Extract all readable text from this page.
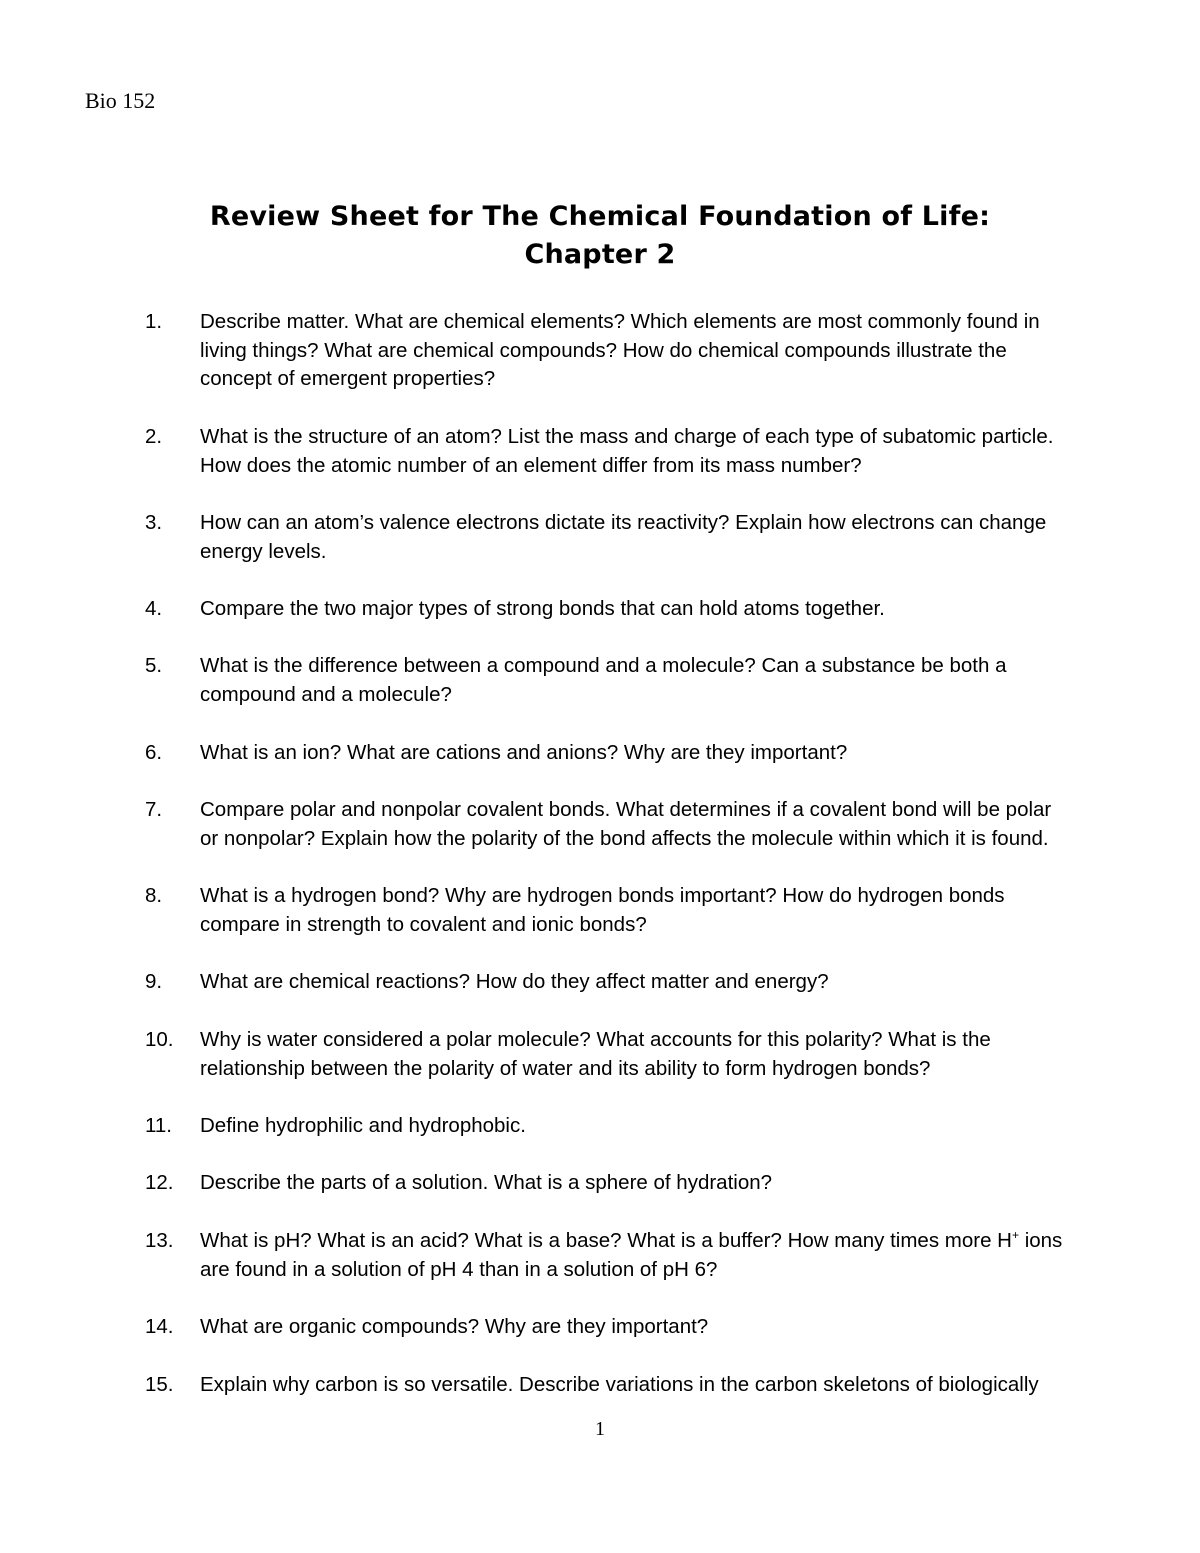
Bio 152
Review Sheet for The Chemical Foundation of Life:
Chapter 2
1. Describe matter. What are chemical elements? Which elements are most commonly found in
living things? What are chemical compounds? How do chemical compounds illustrate the
concept of emergent properties?
2. What is the structure of an atom? List the mass and charge of each type of subatomic particle.
How does the atomic number of an element differ from its mass number?
3. How can an atom’s valence electrons dictate its reactivity? Explain how electrons can change
energy levels.
4. Compare the two major types of strong bonds that can hold atoms together.
5. What is the difference between a compound and a molecule? Can a substance be both a
compound and a molecule?
6. What is an ion? What are cations and anions? Why are they important?
7. Compare polar and nonpolar covalent bonds. What determines if a covalent bond will be polar
or nonpolar? Explain how the polarity of the bond affects the molecule within which it is found.
8. What is a hydrogen bond? Why are hydrogen bonds important? How do hydrogen bonds
compare in strength to covalent and ionic bonds?
9. What are chemical reactions? How do they affect matter and energy?
10. Why is water considered a polar molecule? What accounts for this polarity? What is the
relationship between the polarity of water and its ability to form hydrogen bonds?
11. Define hydrophilic and hydrophobic.
12. Describe the parts of a solution. What is a sphere of hydration?
13. What is pH? What is an acid? What is a base? What is a buffer? How many times more H+ ions
are found in a solution of pH 4 than in a solution of pH 6?
14. What are organic compounds? Why are they important?
15. Explain why carbon is so versatile. Describe variations in the carbon skeletons of biologically
1
